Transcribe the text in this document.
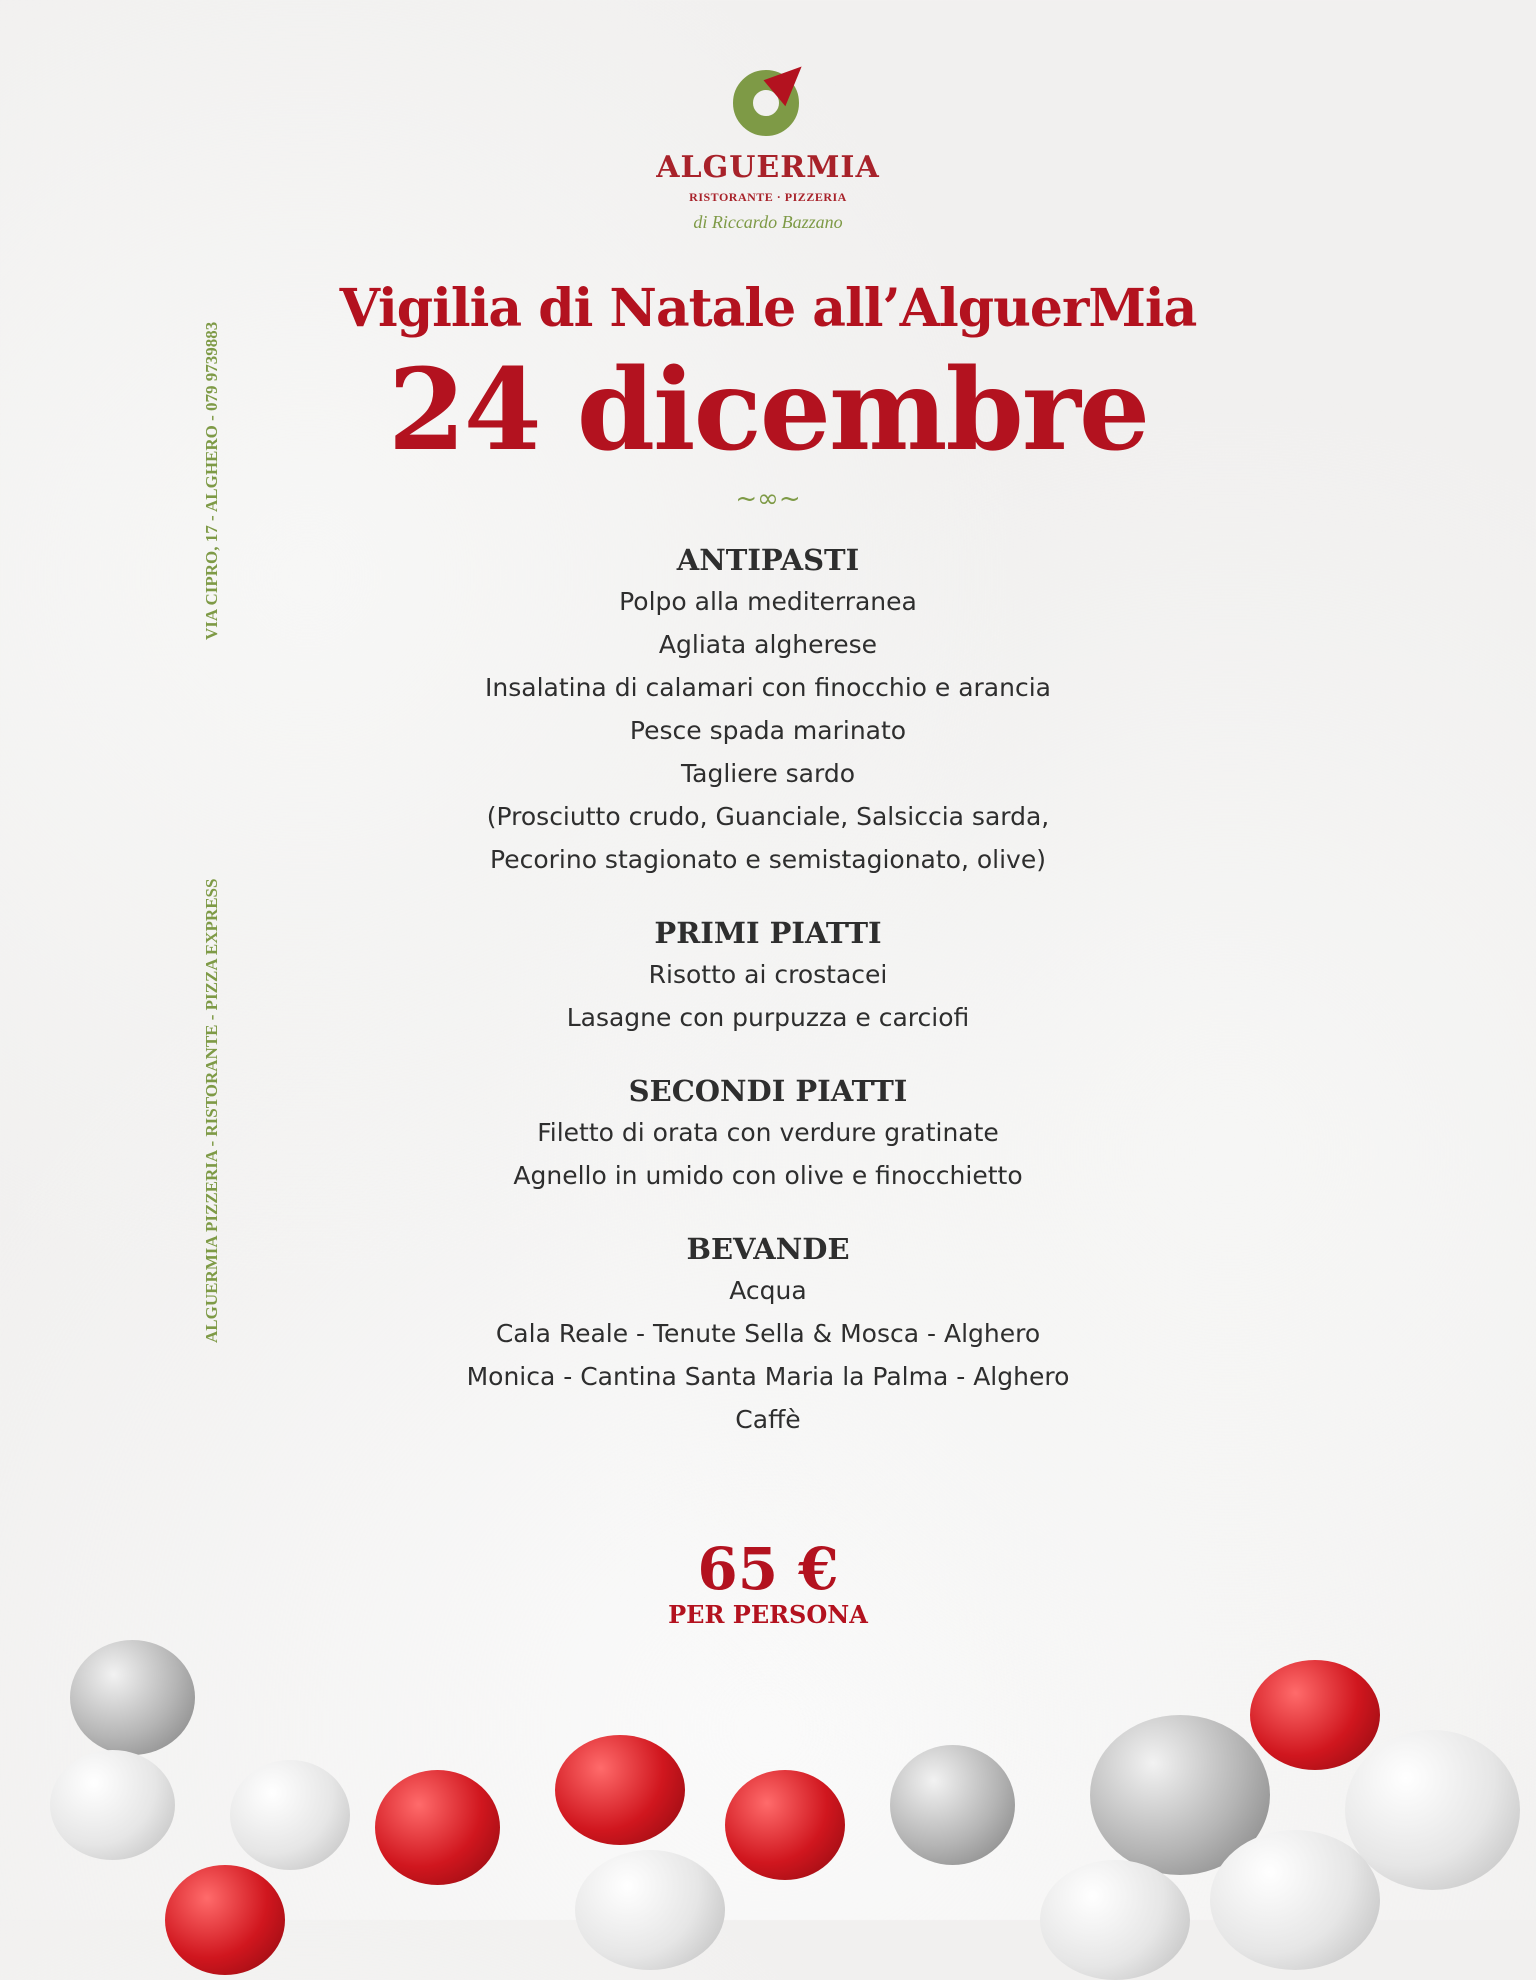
ALGUERMIA
RISTORANTE · PIZZERIA
di Riccardo Bazzano
VIA CIPRO, 17 - ALGHERO - 079 9739883
ALGUERMIA PIZZERIA - RISTORANTE - PIZZA EXPRESS
Vigilia di Natale all’AlguerMia
24 dicembre
~∞~
ANTIPASTI
Polpo alla mediterranea
Agliata algherese
Insalatina di calamari con finocchio e arancia
Pesce spada marinato
Tagliere sardo
(Prosciutto crudo, Guanciale, Salsiccia sarda,
Pecorino stagionato e semistagionato, olive)
PRIMI PIATTI
Risotto ai crostacei
Lasagne con purpuzza e carciofi
SECONDI PIATTI
Filetto di orata con verdure gratinate
Agnello in umido con olive e finocchietto
BEVANDE
Acqua
Cala Reale - Tenute Sella & Mosca - Alghero
Monica - Cantina Santa Maria la Palma - Alghero
Caffè
65 €
PER PERSONA
